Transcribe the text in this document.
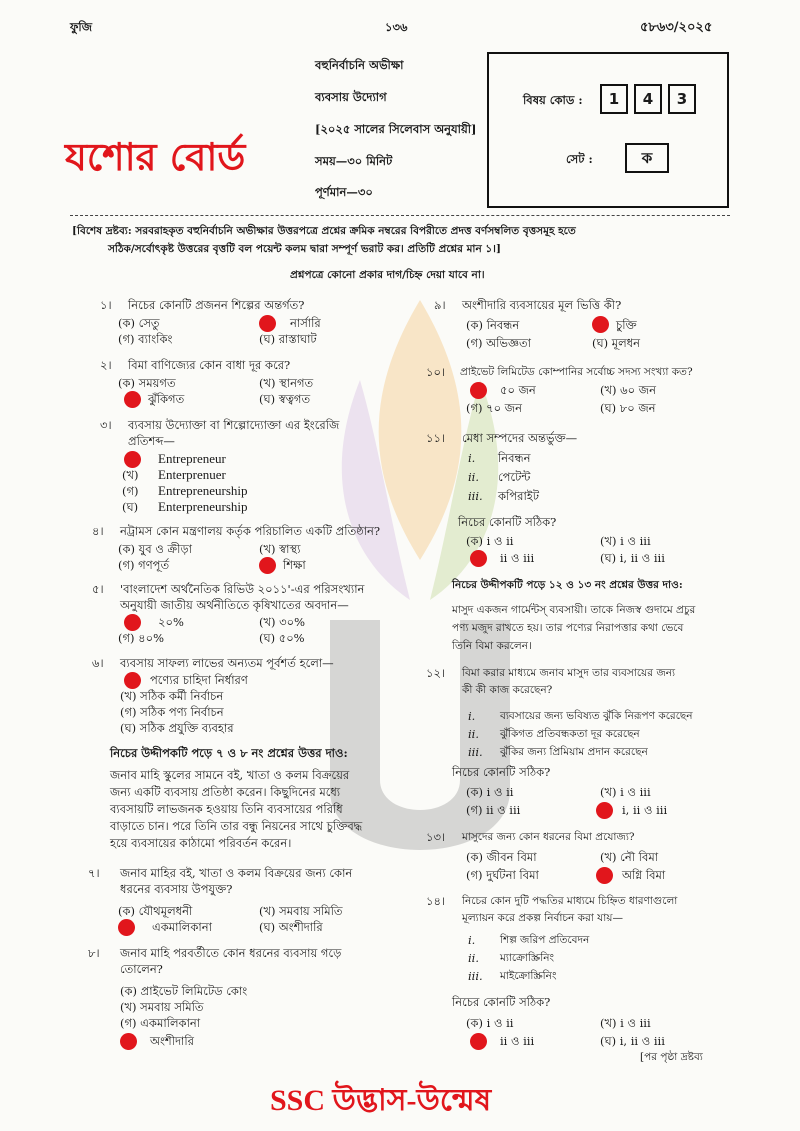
ফুজি	১৩৬	৫৮৬৩/২০২৫
বহুনির্বাচনি অভীক্ষা
ব্যবসায় উদ্যোগ
[২০২৫ সালের সিলেবাস অনুযায়ী]
সময়—৩০ মিনিট
পূর্ণমান—৩০
যশোর বোর্ড
বিষয় কোড :	1	4	3
সেট :	ক
[বিশেষ দ্রষ্টব্য: সরবরাহকৃত বহুনির্বাচনি অভীক্ষার উত্তরপত্রে প্রশ্নের ক্রমিক নম্বরের বিপরীতে প্রদত্ত বর্ণসম্বলিত বৃত্তসমূহ হতে
সঠিক/সর্বোৎকৃষ্ট উত্তরের বৃত্তটি বল পয়েন্ট কলম দ্বারা সম্পূর্ণ ভরাট কর। প্রতিটি প্রশ্নের মান ১।]
প্রশ্নপত্রে কোনো প্রকার দাগ/চিহ্ন দেয়া যাবে না।
১। নিচের কোনটি প্রজনন শিল্পের অন্তর্গত?
(ক) সেতু	নার্সারি
(গ) ব্যাংকিং	(ঘ) রাস্তাঘাট
২। বিমা বাণিজ্যের কোন বাধা দূর করে?
(ক) সময়গত	(খ) স্থানগত
ঝুঁকিগত	(ঘ) স্বত্বগত
৩। ব্যবসায় উদ্যোক্তা বা শিল্পোদ্যোক্তা এর ইংরেজি
প্রতিশব্দ—
Entrepreneur
(খ) Enterprenuer
(গ) Entrepreneurship
(ঘ) Enterpreneurship
৪। নট্রামস কোন মন্ত্রণালয় কর্তৃক পরিচালিত একটি প্রতিষ্ঠান?
(ক) যুব ও ক্রীড়া	(খ) স্বাস্থ্য
(গ) গণপূর্ত	শিক্ষা
৫। 'বাংলাদেশ অর্থনৈতিক রিভিউ ২০১১'-এর পরিসংখ্যান
অনুযায়ী জাতীয় অর্থনীতিতে কৃষিখাতের অবদান—
২০%	(খ) ৩০%
(গ) ৪০%	(ঘ) ৫০%
৬। ব্যবসায় সাফল্য লাভের অন্যতম পূর্বশর্ত হলো—
পণ্যের চাহিদা নির্ধারণ
(খ) সঠিক কর্মী নির্বাচন
(গ) সঠিক পণ্য নির্বাচন
(ঘ) সঠিক প্রযুক্তি ব্যবহার
নিচের উদ্দীপকটি পড়ে ৭ ও ৮ নং প্রশ্নের উত্তর দাও:
জনাব মাহি স্কুলের সামনে বই, খাতা ও কলম বিক্রয়ের
জন্য একটি ব্যবসায় প্রতিষ্ঠা করেন। কিছুদিনের মধ্যে
ব্যবসায়টি লাভজনক হওয়ায় তিনি ব্যবসায়ের পরিধি
বাড়াতে চান। পরে তিনি তার বন্ধু নিয়নের সাথে চুক্তিবদ্ধ
হয়ে ব্যবসায়ের কাঠামো পরিবর্তন করেন।
৭। জনাব মাহির বই, খাতা ও কলম বিক্রয়ের জন্য কোন
ধরনের ব্যবসায় উপযুক্ত?
(ক) যৌথমূলধনী	(খ) সমবায় সমিতি
একমালিকানা	(ঘ) অংশীদারি
৮। জনাব মাহি পরবর্তীতে কোন ধরনের ব্যবসায় গড়ে
তোলেন?
(ক) প্রাইভেট লিমিটেড কোং
(খ) সমবায় সমিতি
(গ) একমালিকানা
অংশীদারি
৯। অংশীদারি ব্যবসায়ের মূল ভিত্তি কী?
(ক) নিবন্ধন	চুক্তি
(গ) অভিজ্ঞতা	(ঘ) মূলধন
১০। প্রাইভেট লিমিটেড কোম্পানির সর্বোচ্চ সদস্য সংখ্যা কত?
৫০ জন	(খ) ৬০ জন
(গ) ৭০ জন	(ঘ) ৮০ জন
১১। মেধা সম্পদের অন্তর্ভুক্ত—
i. নিবন্ধন
ii. পেটেন্ট
iii. কপিরাইট
নিচের কোনটি সঠিক?
(ক) i ও ii	(খ) i ও iii
ii ও iii	(ঘ) i, ii ও iii
নিচের উদ্দীপকটি পড়ে ১২ ও ১৩ নং প্রশ্নের উত্তর দাও:
মাসুদ একজন গার্মেন্টস্ ব্যবসায়ী। তাকে নিজস্ব গুদামে প্রচুর
পণ্য মজুদ রাখতে হয়। তার পণ্যের নিরাপত্তার কথা ভেবে
তিনি বিমা করলেন।
১২। বিমা করার মাধ্যমে জনাব মাসুদ তার ব্যবসায়ের জন্য
কী কী কাজ করেছেন?
i. ব্যবসায়ের জন্য ভবিষ্যত ঝুঁকি নিরূপণ করেছেন
ii. ঝুঁকিগত প্রতিবন্ধকতা দূর করেছেন
iii. ঝুঁকির জন্য প্রিমিয়াম প্রদান করেছেন
নিচের কোনটি সঠিক?
(ক) i ও ii	(খ) i ও iii
(গ) ii ও iii	i, ii ও iii
১৩। মাসুদের জন্য কোন ধরনের বিমা প্রযোজ্য?
(ক) জীবন বিমা	(খ) নৌ বিমা
(গ) দুর্ঘটনা বিমা	অগ্নি বিমা
১৪। নিচের কোন দুটি পদ্ধতির মাধ্যমে চিহ্নিত ধারণাগুলো
মূল্যায়ন করে প্রকল্প নির্বাচন করা যায়—
i. শিল্প জরিপ প্রতিবেদন
ii. ম্যাক্রোস্ক্রিনিং
iii. মাইক্রোস্ক্রিনিং
নিচের কোনটি সঠিক?
(ক) i ও ii	(খ) i ও iii
ii ও iii	(ঘ) i, ii ও iii
[পর পৃষ্ঠা দ্রষ্টব্য
SSC উদ্ভাস-উন্মেষ
